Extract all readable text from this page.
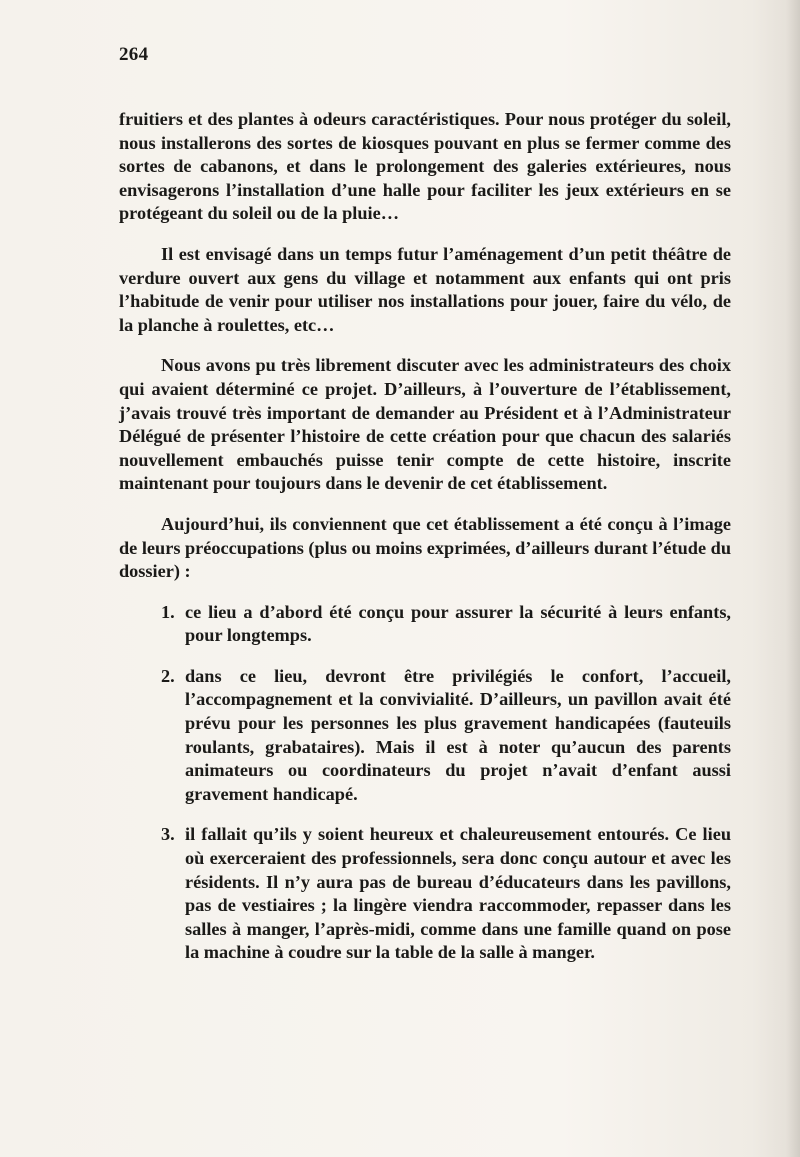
264

fruitiers et des plantes à odeurs caractéristiques. Pour nous protéger du soleil, nous installerons des sortes de kiosques pouvant en plus se fermer comme des sortes de cabanons, et dans le prolongement des galeries extérieures, nous envisagerons l’installation d’une halle pour faciliter les jeux extérieurs en se protégeant du soleil ou de la pluie…

Il est envisagé dans un temps futur l’aménagement d’un petit théâtre de verdure ouvert aux gens du village et notamment aux enfants qui ont pris l’habitude de venir pour utiliser nos installations pour jouer, faire du vélo, de la planche à roulettes, etc…

Nous avons pu très librement discuter avec les administrateurs des choix qui avaient déterminé ce projet. D’ailleurs, à l’ouverture de l’établissement, j’avais trouvé très important de demander au Président et à l’Administrateur Délégué de présenter l’histoire de cette création pour que chacun des salariés nouvellement embauchés puisse tenir compte de cette histoire, inscrite maintenant pour toujours dans le devenir de cet établissement.

Aujourd’hui, ils conviennent que cet établissement a été conçu à l’image de leurs préoccupations (plus ou moins exprimées, d’ailleurs durant l’étude du dossier) :

1. ce lieu a d’abord été conçu pour assurer la sécurité à leurs enfants, pour longtemps.
2. dans ce lieu, devront être privilégiés le confort, l’accueil, l’accompagnement et la convivialité. D’ailleurs, un pavillon avait été prévu pour les personnes les plus gravement handicapées (fauteuils roulants, grabataires). Mais il est à noter qu’aucun des parents animateurs ou coordinateurs du projet n’avait d’enfant aussi gravement handicapé.
3. il fallait qu’ils y soient heureux et chaleureusement entourés. Ce lieu où exerceraient des professionnels, sera donc conçu autour et avec les résidents. Il n’y aura pas de bureau d’éducateurs dans les pavillons, pas de vestiaires ; la lingère viendra raccommoder, repasser dans les salles à manger, l’après-midi, comme dans une famille quand on pose la machine à coudre sur la table de la salle à manger.
